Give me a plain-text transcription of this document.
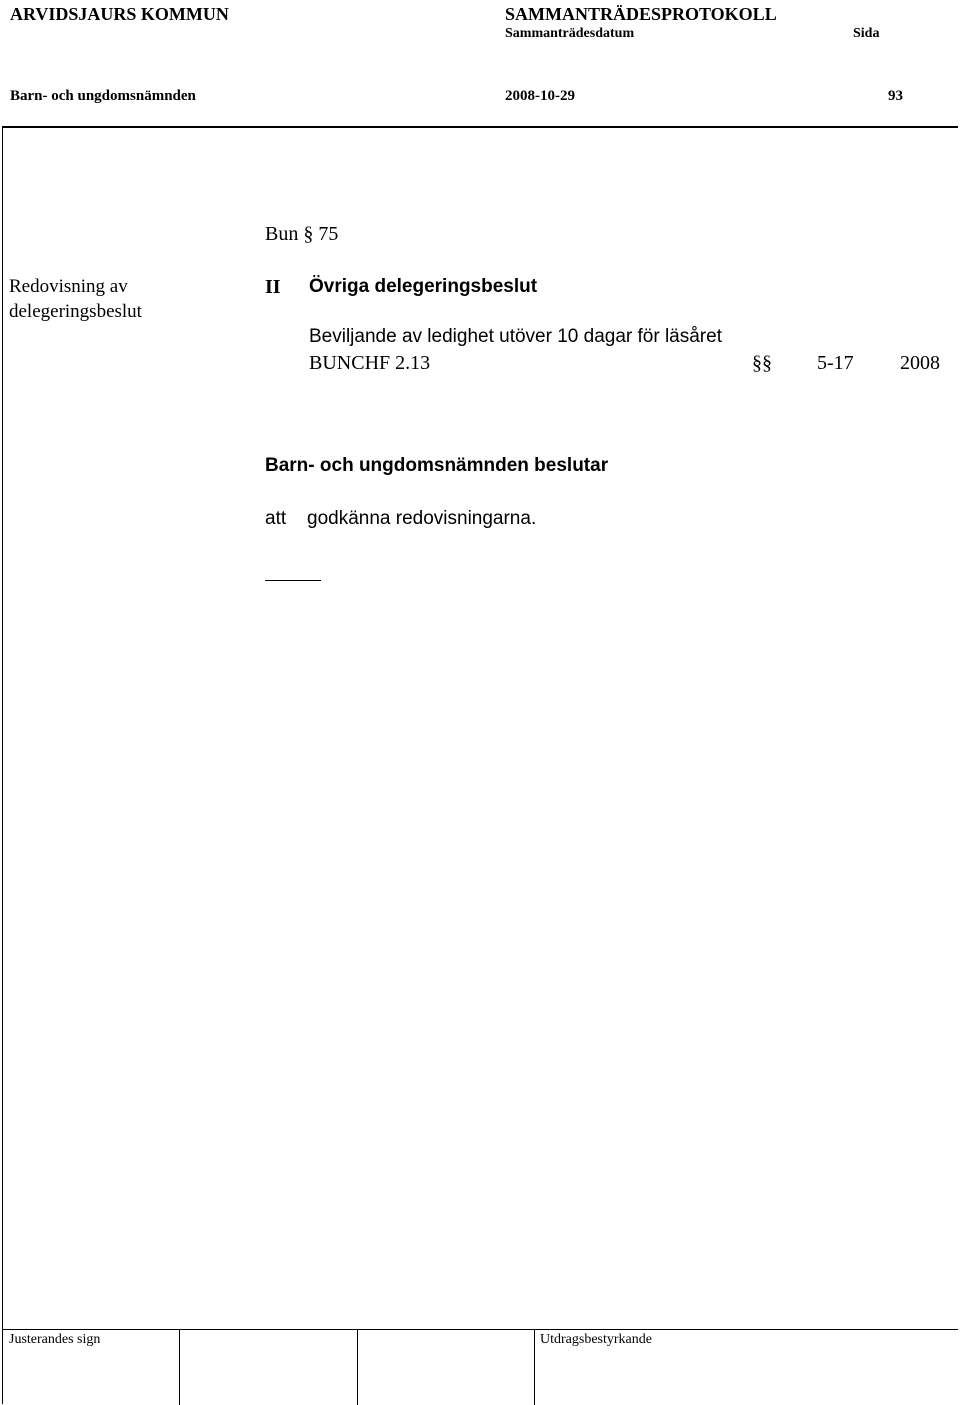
ARVIDSJAURS KOMMUN	SAMMANTRÄDESPROTOKOLL
Sammanträdesdatum	Sida
Barn- och ungdomsnämnden	2008-10-29	93
Bun § 75
Redovisning av
delegeringsbeslut
II Övriga delegeringsbeslut
Beviljande av ledighet utöver 10 dagar för läsåret
BUNCHF 2.13	§§ 5-17 2008
Barn- och ungdomsnämnden beslutar
att godkänna redovisningarna.
Justerandes sign	Utdragsbestyrkande
